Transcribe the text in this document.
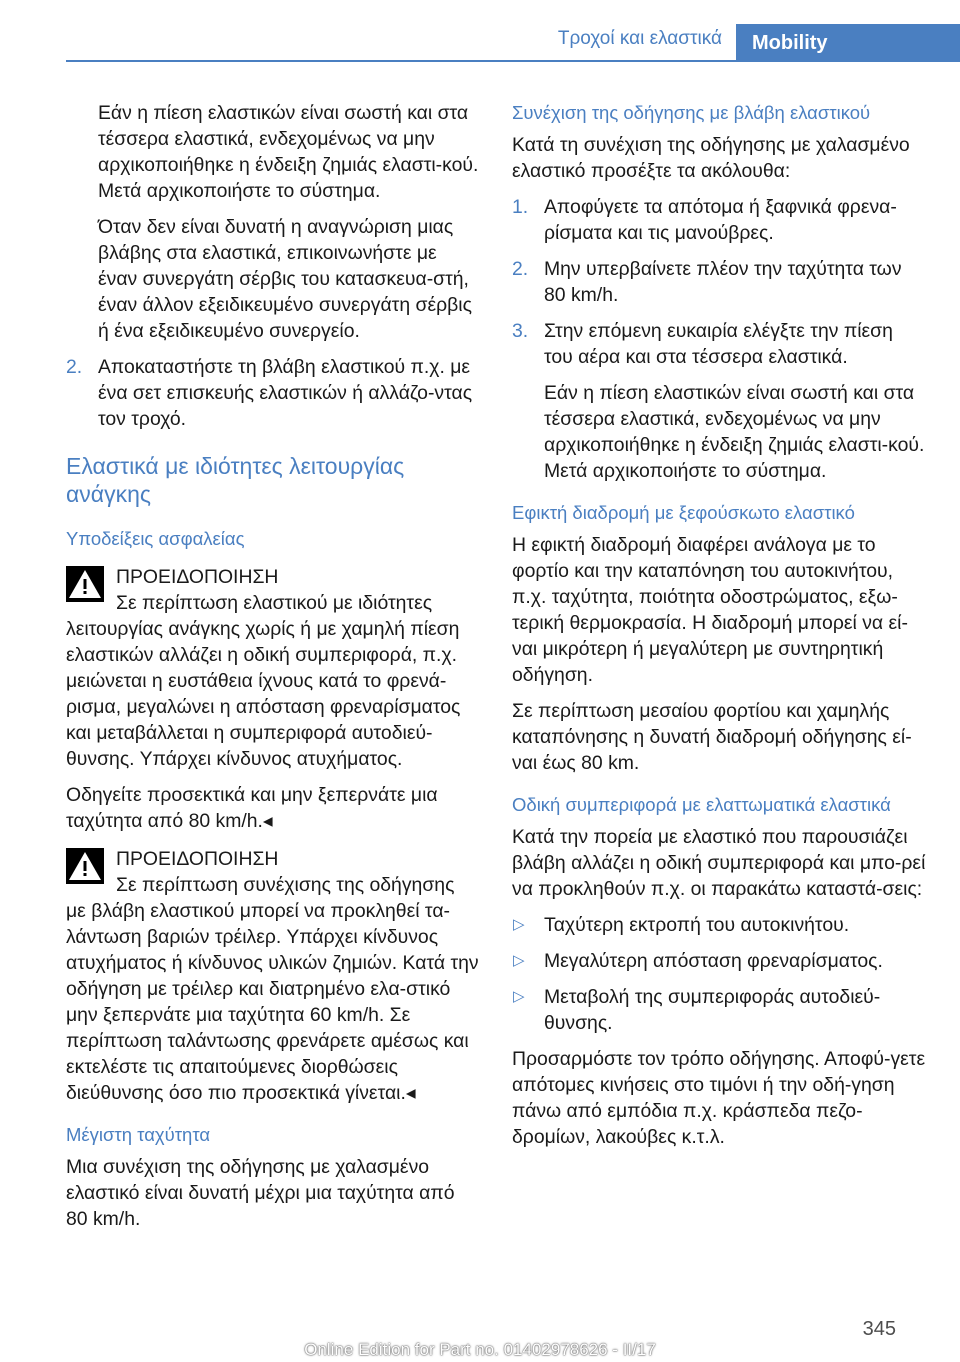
Τροχοί και ελαστικά	Mobility

Εάν η πίεση ελαστικών είναι σωστή και στα τέσσερα ελαστικά, ενδεχομένως να μην αρχικοποιήθηκε η ένδειξη ζημιάς ελαστι‐κού. Μετά αρχικοποιήστε το σύστημα.

Όταν δεν είναι δυνατή η αναγνώριση μιας βλάβης στα ελαστικά, επικοινωνήστε με έναν συνεργάτη σέρβις του κατασκευα‐στή, έναν άλλον εξειδικευμένο συνεργάτη σέρβις ή ένα εξειδικευμένο συνεργείο.

2. Αποκαταστήστε τη βλάβη ελαστικού π.χ. με ένα σετ επισκευής ελαστικών ή αλλάζο‐ντας τον τροχό.
Ελαστικά με ιδιότητες λειτουργίας ανάγκης
Υποδείξεις ασφαλείας
ΠΡΟΕΙΔΟΠΟΙΗΣΗ
Σε περίπτωση ελαστικού με ιδιότητες

λειτουργίας ανάγκης χωρίς ή με χαμηλή πίεση ελαστικών αλλάζει η οδική συμπεριφορά, π.χ. μειώνεται η ευστάθεια ίχνους κατά το φρενά‐ρισμα, μεγαλώνει η απόσταση φρεναρίσματος και μεταβάλλεται η συμπεριφορά αυτοδιεύ‐θυνσης. Υπάρχει κίνδυνος ατυχήματος.

Οδηγείτε προσεκτικά και μην ξεπερνάτε μια ταχύτητα από 80 km/h.◂

ΠΡΟΕΙΔΟΠΟΙΗΣΗ
Σε περίπτωση συνέχισης της οδήγησης

με βλάβη ελαστικού μπορεί να προκληθεί τα‐λάντωση βαριών τρέιλερ. Υπάρχει κίνδυνος ατυχήματος ή κίνδυνος υλικών ζημιών. Κατά την οδήγηση με τρέιλερ και διατρημένο ελα‐στικό μην ξεπερνάτε μια ταχύτητα 60 km/h. Σε περίπτωση ταλάντωσης φρενάρετε αμέσως και εκτελέστε τις απαιτούμενες διορθώσεις διεύθυνσης όσο πιο προσεκτικά γίνεται.◂

Μέγιστη ταχύτητα

Μια συνέχιση της οδήγησης με χαλασμένο ελαστικό είναι δυνατή μέχρι μια ταχύτητα από 80 km/h.

Συνέχιση της οδήγησης με βλάβη ελαστικού

Κατά τη συνέχιση της οδήγησης με χαλασμένο ελαστικό προσέξτε τα ακόλουθα:

1. Αποφύγετε τα απότομα ή ξαφνικά φρενα‐ρίσματα και τις μανούβρες.
2. Μην υπερβαίνετε πλέον την ταχύτητα των 80 km/h.
3. Στην επόμενη ευκαιρία ελέγξτε την πίεση του αέρα και στα τέσσερα ελαστικά.

Εάν η πίεση ελαστικών είναι σωστή και στα τέσσερα ελαστικά, ενδεχομένως να μην αρχικοποιήθηκε η ένδειξη ζημιάς ελαστι‐κού. Μετά αρχικοποιήστε το σύστημα.

Εφικτή διαδρομή με ξεφούσκωτο ελαστικό

Η εφικτή διαδρομή διαφέρει ανάλογα με το φορτίο και την καταπόνηση του αυτοκινήτου, π.χ. ταχύτητα, ποιότητα οδοστρώματος, εξω‐τερική θερμοκρασία. Η διαδρομή μπορεί να εί‐ναι μικρότερη ή μεγαλύτερη με συντηρητική οδήγηση.

Σε περίπτωση μεσαίου φορτίου και χαμηλής καταπόνησης η δυνατή διαδρομή οδήγησης εί‐ναι έως 80 km.

Οδική συμπεριφορά με ελαττωματικά ελαστικά

Κατά την πορεία με ελαστικό που παρουσιάζει βλάβη αλλάζει η οδική συμπεριφορά και μπο‐ρεί να προκληθούν π.χ. οι παρακάτω καταστά‐σεις:

▷ Ταχύτερη εκτροπή του αυτοκινήτου.
▷ Μεγαλύτερη απόσταση φρεναρίσματος.
▷ Μεταβολή της συμπεριφοράς αυτοδιεύ‐θυνσης.

Προσαρμόστε τον τρόπο οδήγησης. Αποφύ‐γετε απότομες κινήσεις στο τιμόνι ή την οδή‐γηση πάνω από εμπόδια π.χ. κράσπεδα πεζο‐δρομίων, λακούβες κ.τ.λ.

345
Online Edition for Part no. 01402978626 - II/17
